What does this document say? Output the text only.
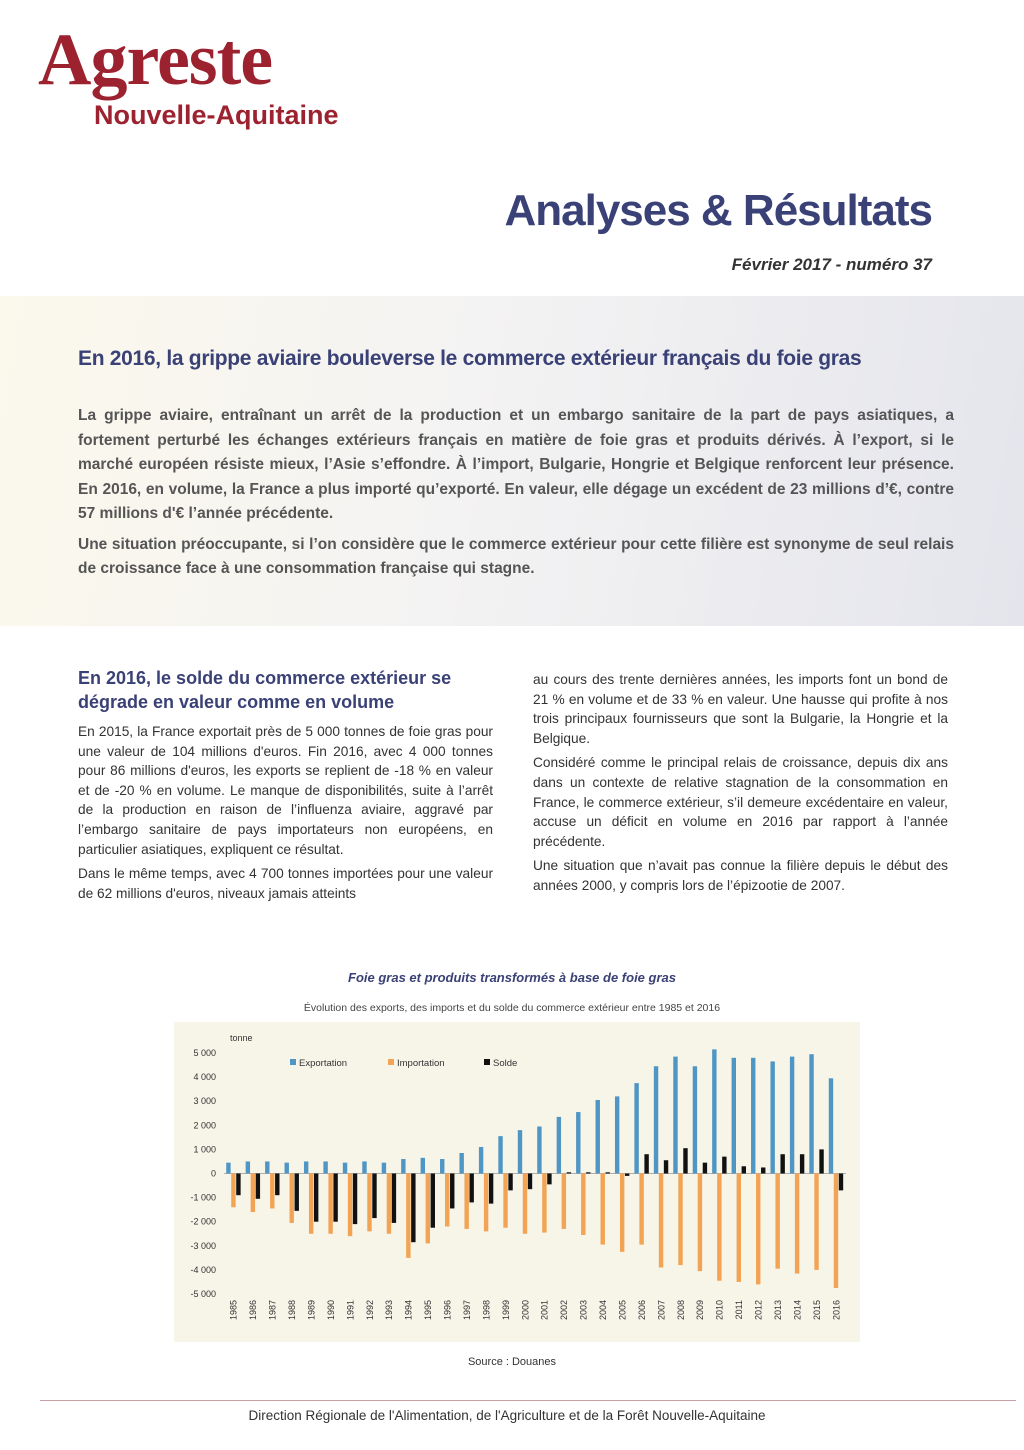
Agreste
Nouvelle-Aquitaine
Analyses & Résultats
Février 2017 - numéro 37
En 2016, la grippe aviaire bouleverse le commerce extérieur français du foie gras

La grippe aviaire, entraînant un arrêt de la production et un embargo sanitaire de la part de pays asiatiques, a fortement perturbé les échanges extérieurs français en matière de foie gras et produits dérivés. À l’export, si le marché européen résiste mieux, l’Asie s’effondre. À l’import, Bulgarie, Hongrie et Belgique renforcent leur présence. En 2016, en volume, la France a plus importé qu’exporté. En valeur, elle dégage un excédent de 23 millions d’€, contre 57 millions d'€ l’année précédente.

Une situation préoccupante, si l’on considère que le commerce extérieur pour cette filière est synonyme de seul relais de croissance face à une consommation française qui stagne.

En 2016, le solde du commerce extérieur se dégrade en valeur comme en volume

En 2015, la France exportait près de 5 000 tonnes de foie gras pour une valeur de 104 millions d'euros. Fin 2016, avec 4 000 tonnes pour 86 millions d'euros, les exports se replient de -18 % en valeur et de -20 % en volume. Le manque de disponibilités, suite à l’arrêt de la production en raison de l’influenza aviaire, aggravé par l’embargo sanitaire de pays importateurs non européens, en particulier asiatiques, expliquent ce résultat.

Dans le même temps, avec 4 700 tonnes importées pour une valeur de 62 millions d'euros, niveaux jamais atteints

au cours des trente dernières années, les imports font un bond de 21 % en volume et de 33 % en valeur. Une hausse qui profite à nos trois principaux fournisseurs que sont la Bulgarie, la Hongrie et la Belgique.

Considéré comme le principal relais de croissance, depuis dix ans dans un contexte de relative stagnation de la consommation en France, le commerce extérieur, s’il demeure excédentaire en valeur, accuse un déficit en volume en 2016 par rapport à l’année précédente.

Une situation que n’avait pas connue la filière depuis le début des années 2000, y compris lors de l’épizootie de 2007.

Foie gras et produits transformés à base de foie gras
Évolution des exports, des imports et du solde du commerce extérieur entre 1985 et 2016
tonne
5 000
4 000
3 000
2 000
1 000
0
-1 000
-2 000
-3 000
-4 000
-5 000
1985 1986 1987 1988 1989 1990 1991 1992 1993 1994 1995 1996 1997 1998 1999 2000 2001 2002 2003 2004 2005 2006 2007 2008 2009 2010 2011 2012 2013 2014 2015 2016
Exportation	Importation	Solde
Source : Douanes
Direction Régionale de l'Alimentation, de l'Agriculture et de la Forêt Nouvelle-Aquitaine
